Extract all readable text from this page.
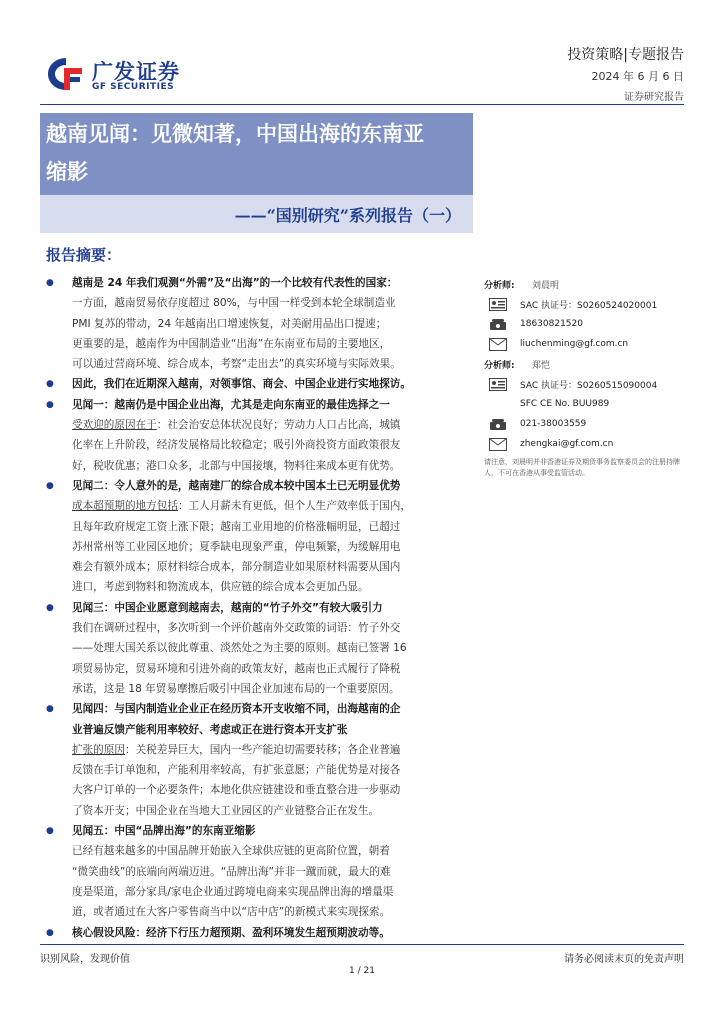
广发证券
GF SECURITIES
投资策略|专题报告
2024 年 6 月 6 日
证券研究报告
越南见闻：见微知著，中国出海的东南亚
缩影
——“国别研究”系列报告（一）
报告摘要：
● 越南是 24 年我们观测“外需”及“出海”的一个比较有代表性的国家：
一方面，越南贸易依存度超过 80%，与中国一样受到本轮全球制造业
PMI 复苏的带动，24 年越南出口增速恢复，对美耐用品出口提速；
更重要的是，越南作为中国制造业“出海”在东南亚布局的主要地区，
可以通过营商环境、综合成本，考察“走出去”的真实环境与实际效果。
● 因此，我们在近期深入越南，对领事馆、商会、中国企业进行实地探访。
● 见闻一：越南仍是中国企业出海，尤其是走向东南亚的最佳选择之一
受欢迎的原因在于：社会治安总体状况良好；劳动力人口占比高，城镇
化率在上升阶段，经济发展格局比较稳定；吸引外商投资方面政策很友
好，税收优惠；港口众多，北部与中国接壤，物料往来成本更有优势。
● 见闻二：令人意外的是，越南建厂的综合成本较中国本土已无明显优势
成本超预期的地方包括：工人月薪未有更低，但个人生产效率低于国内，
且每年政府规定工资上涨下限；越南工业用地的价格涨幅明显，已超过
苏州常州等工业园区地价；夏季缺电现象严重，停电频繁，为缓解用电
难会有额外成本；原材料综合成本，部分制造业如果原材料需要从国内
进口，考虑到物料和物流成本，供应链的综合成本会更加凸显。
● 见闻三：中国企业愿意到越南去，越南的“竹子外交”有较大吸引力
我们在调研过程中，多次听到一个评价越南外交政策的词语：竹子外交
——处理大国关系以彼此尊重、淡然处之为主要的原则。越南已签署 16
项贸易协定，贸易环境和引进外商的政策友好，越南也正式履行了降税
承诺，这是 18 年贸易摩擦后吸引中国企业加速布局的一个重要原因。
● 见闻四：与国内制造业企业正在经历资本开支收缩不同，出海越南的企
业普遍反馈产能利用率较好、考虑或正在进行资本开支扩张
扩张的原因：关税差异巨大，国内一些产能迫切需要转移；各企业普遍
反馈在手订单饱和，产能利用率较高，有扩张意愿；产能优势是对接各
大客户订单的一个必要条件；本地化供应链建设和垂直整合进一步驱动
了资本开支；中国企业在当地大工业园区的产业链整合正在发生。
● 见闻五：中国“品牌出海”的东南亚缩影
已经有越来越多的中国品牌开始嵌入全球供应链的更高阶位置，朝着
“微笑曲线”的底端向两端迈进。“品牌出海”并非一蹴而就，最大的难
度是渠道，部分家具/家电企业通过跨境电商来实现品牌出海的增量渠
道，或者通过在大客户零售商当中以“店中店”的新模式来实现探索。
● 核心假设风险：经济下行压力超预期、盈利环境发生超预期波动等。
分析师:	刘晨明
SAC 执证号：S0260524020001
18630821520
liuchenming@gf.com.cn
分析师:	郑恺
SAC 执证号：S0260515090004
SFC CE No. BUU989
021-38003559
zhengkai@gf.com.cn
请注意，刘晨明并非香港证券及期货事务监察委员会的注册持牌人，不可在香港从事受监管活动。
识别风险，发现价值	请务必阅读末页的免责声明
1 / 21
